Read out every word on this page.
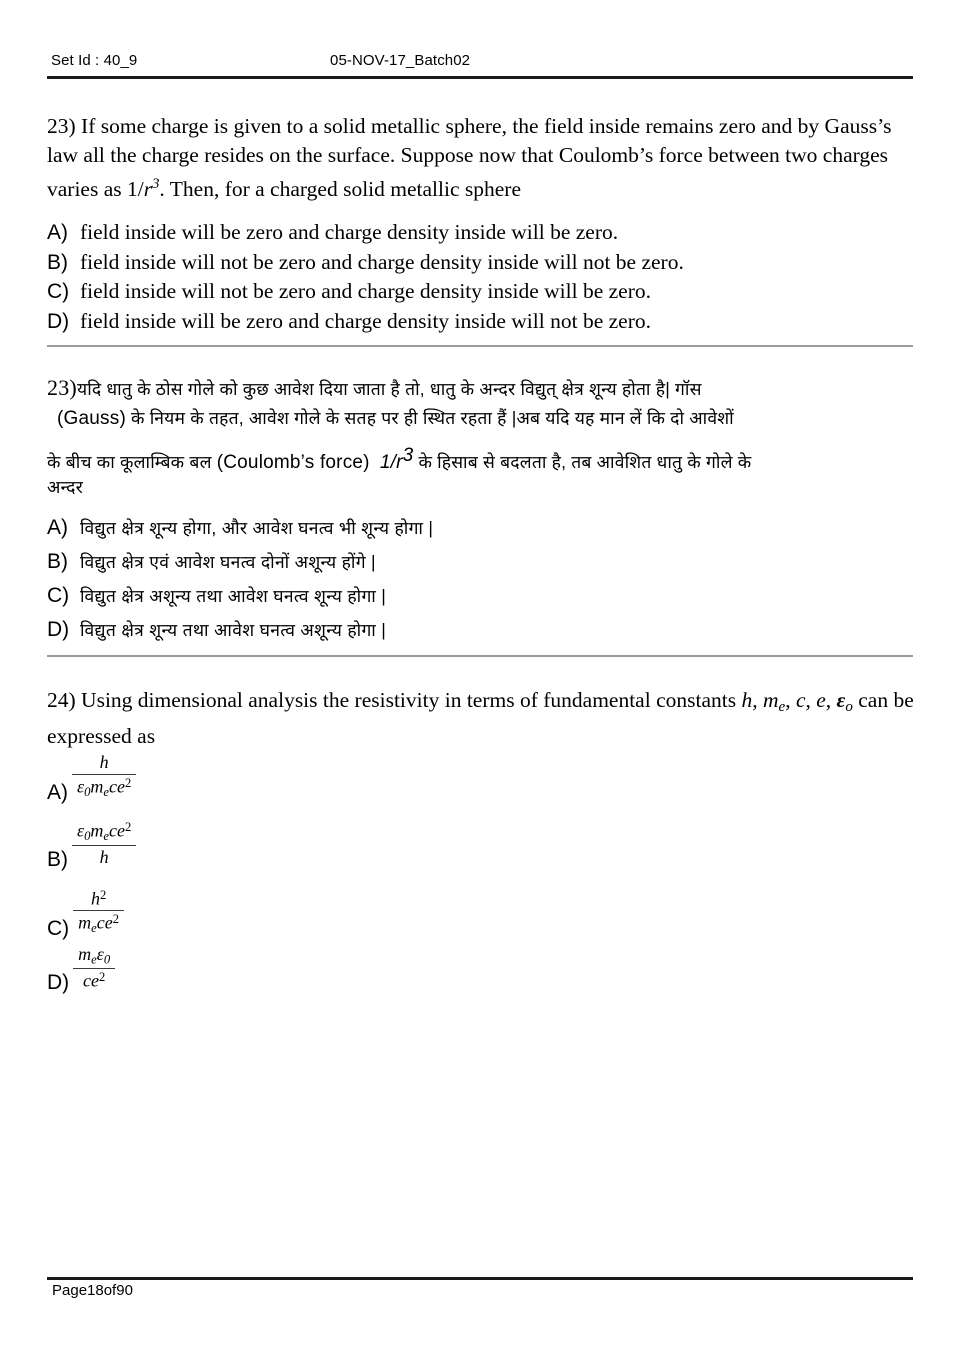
Set Id : 40_9	05-NOV-17_Batch02
23) If some charge is given to a solid metallic sphere, the field inside remains zero and by Gauss’s law all the charge resides on the surface. Suppose now that Coulomb’s force between two charges varies as $1/r^3$. Then, for a charged solid metallic sphere
A) field inside will be zero and charge density inside will be zero.
B) field inside will not be zero and charge density inside will not be zero.
C) field inside will not be zero and charge density inside will be zero.
D) field inside will be zero and charge density inside will not be zero.
23)यदि धातु के ठोस गोले को कुछ आवेश दिया जाता है तो, धातु के अन्दर विद्युत् क्षेत्र शून्य होता है| गॉस
(Gauss) के नियम के तहत, आवेश गोले के सतह पर ही स्थित रहता हैं |अब यदि यह मान लें कि दो आवेशों
के बीच का कूलाम्बिक बल (Coulomb’s force) 1/r3 के हिसाब से बदलता है, तब आवेशित धातु के गोले के
अन्दर
A) विद्युत क्षेत्र शून्य होगा, और आवेश घनत्व भी शून्य होगा |
B) विद्युत क्षेत्र एवं आवेश घनत्व दोनों अशून्य होंगे |
C) विद्युत क्षेत्र अशून्य तथा आवेश घनत्व शून्य होगा |
D) विद्युत क्षेत्र शून्य तथा आवेश घनत्व अशून्य होगा |
24) Using dimensional analysis the resistivity in terms of fundamental constants h, me, c, e, εo can be expressed as
$A) \frac{h}{\varepsilon 0mece^2}$
$B) \frac{\varepsilon 0mece^2}{h}$
$C) \frac{h^2}{mece^2}$
$D) \frac{\text{meε0}}{ce^2}$
Page18of90
